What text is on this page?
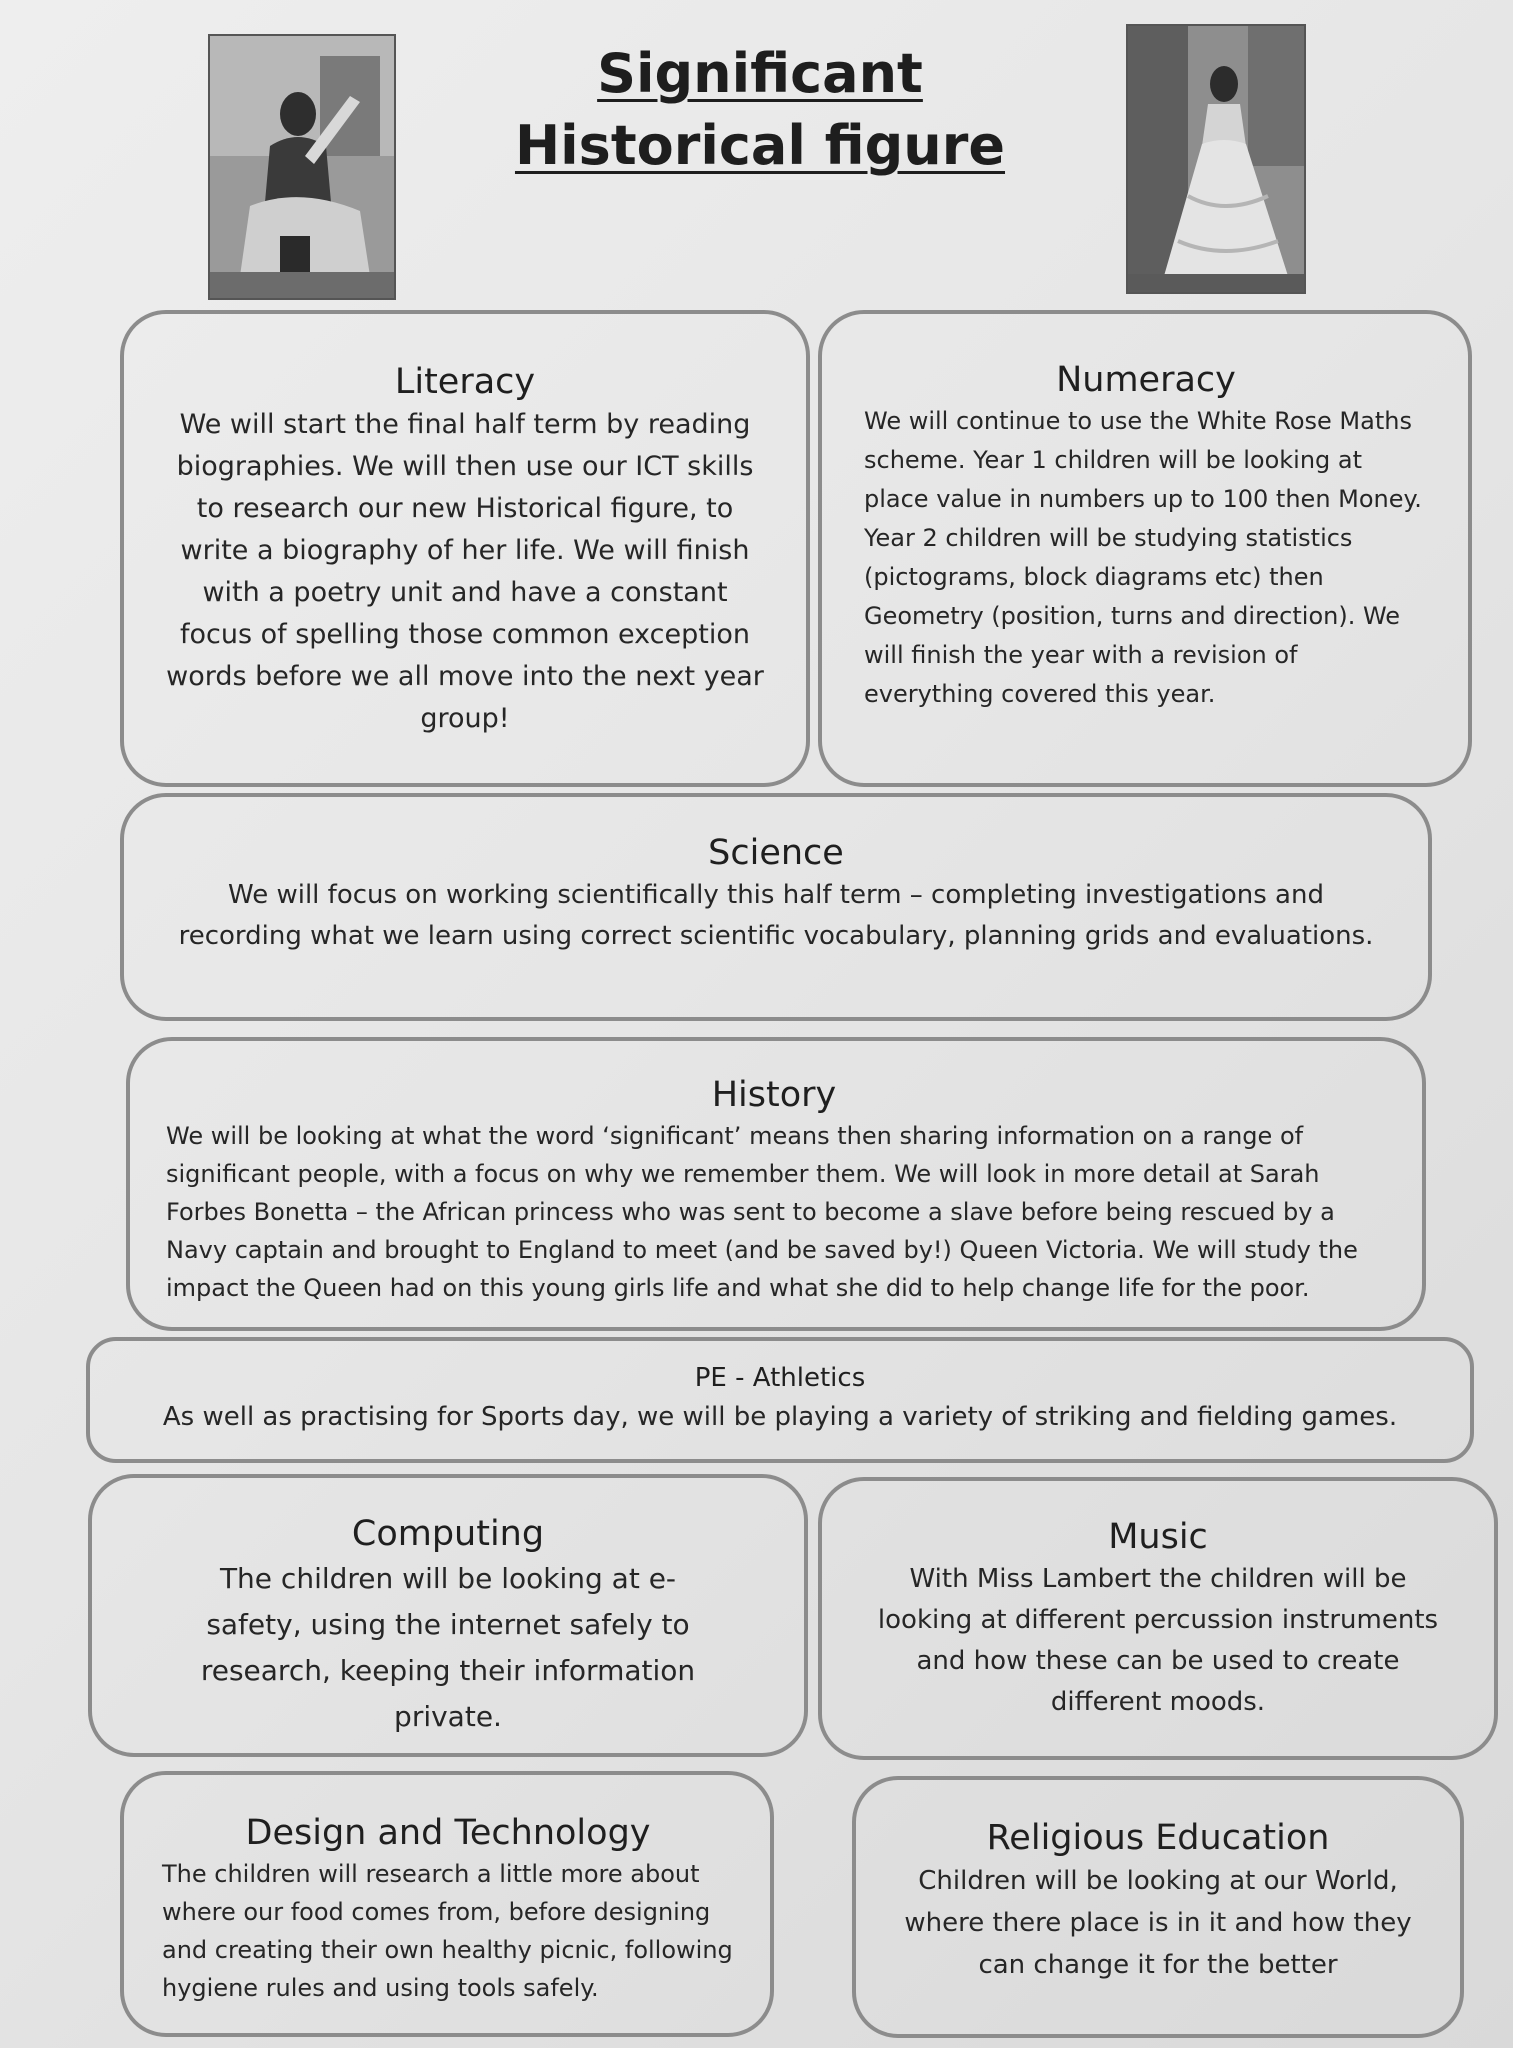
Significant
Historical figure
Literacy

We will start the final half term by reading biographies. We will then use our ICT skills to research our new Historical figure, to write a biography of her life. We will finish with a poetry unit and have a constant focus of spelling those common exception words before we all move into the next year group!

Numeracy

We will continue to use the White Rose Maths scheme. Year 1 children will be looking at place value in numbers up to 100 then Money. Year 2 children will be studying statistics (pictograms, block diagrams etc) then Geometry (position, turns and direction). We will finish the year with a revision of everything covered this year.

Science

We will focus on working scientifically this half term – completing investigations and recording what we learn using correct scientific vocabulary, planning grids and evaluations.

History

We will be looking at what the word ‘significant’ means then sharing information on a range of significant people, with a focus on why we remember them. We will look in more detail at Sarah Forbes Bonetta – the African princess who was sent to become a slave before being rescued by a Navy captain and brought to England to meet (and be saved by!) Queen Victoria. We will study the impact the Queen had on this young girls life and what she did to help change life for the poor.

PE - Athletics

As well as practising for Sports day, we will be playing a variety of striking and fielding games.

Computing

The children will be looking at e-safety, using the internet safely to research, keeping their information private.

Music

With Miss Lambert the children will be looking at different percussion instruments and how these can be used to create different moods.

Design and Technology

The children will research a little more about where our food comes from, before designing and creating their own healthy picnic, following hygiene rules and using tools safely.

Religious Education

Children will be looking at our World, where there place is in it and how they can change it for the better
